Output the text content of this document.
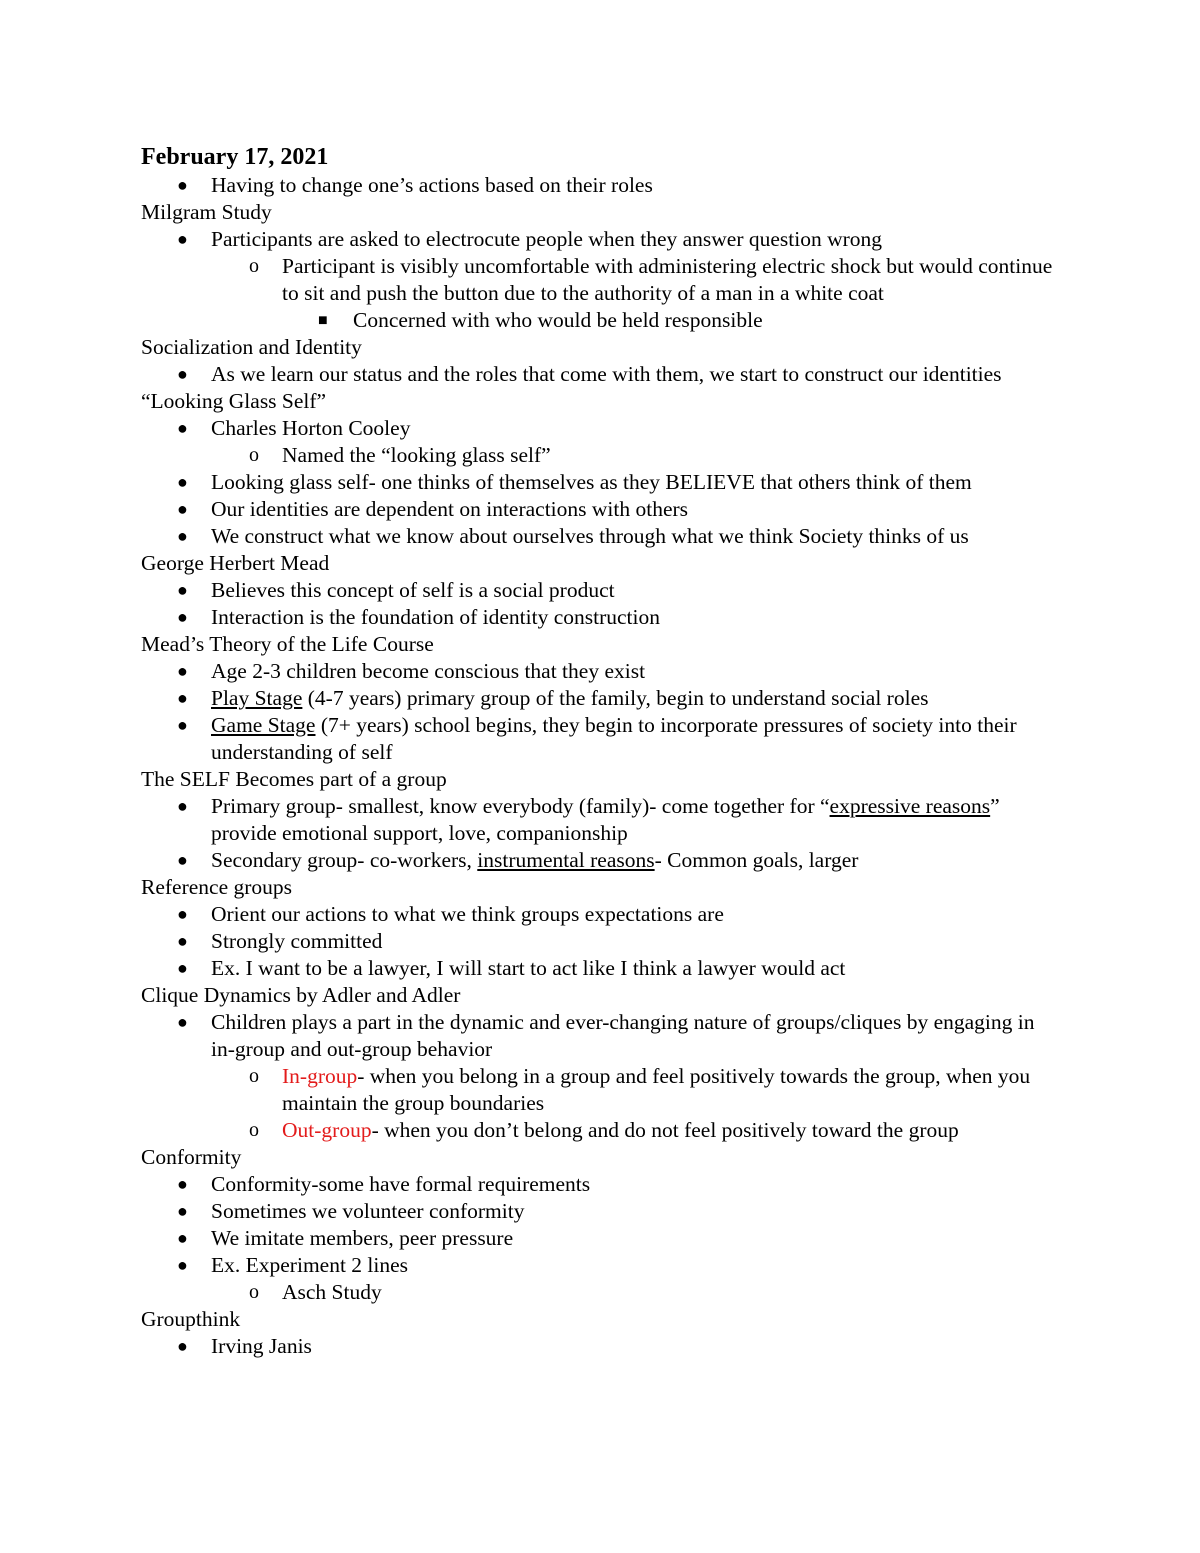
February 17, 2021
● Having to change one’s actions based on their roles
Milgram Study
● Participants are asked to electrocute people when they answer question wrong
o Participant is visibly uncomfortable with administering electric shock but would continue to sit and push the button due to the authority of a man in a white coat
■ Concerned with who would be held responsible
Socialization and Identity
● As we learn our status and the roles that come with them, we start to construct our identities
“Looking Glass Self”
● Charles Horton Cooley
o Named the “looking glass self”
● Looking glass self- one thinks of themselves as they BELIEVE that others think of them
● Our identities are dependent on interactions with others
● We construct what we know about ourselves through what we think Society thinks of us
George Herbert Mead
● Believes this concept of self is a social product
● Interaction is the foundation of identity construction
Mead’s Theory of the Life Course
● Age 2-3 children become conscious that they exist
● Play Stage (4-7 years) primary group of the family, begin to understand social roles
● Game Stage (7+ years) school begins, they begin to incorporate pressures of society into their understanding of self
The SELF Becomes part of a group
● Primary group- smallest, know everybody (family)- come together for “expressive reasons” provide emotional support, love, companionship
● Secondary group- co-workers, instrumental reasons- Common goals, larger
Reference groups
● Orient our actions to what we think groups expectations are
● Strongly committed
● Ex. I want to be a lawyer, I will start to act like I think a lawyer would act
Clique Dynamics by Adler and Adler
● Children plays a part in the dynamic and ever-changing nature of groups/cliques by engaging in in-group and out-group behavior
o In-group- when you belong in a group and feel positively towards the group, when you maintain the group boundaries
o Out-group- when you don’t belong and do not feel positively toward the group
Conformity
● Conformity-some have formal requirements
● Sometimes we volunteer conformity
● We imitate members, peer pressure
● Ex. Experiment 2 lines
o Asch Study
Groupthink
● Irving Janis
